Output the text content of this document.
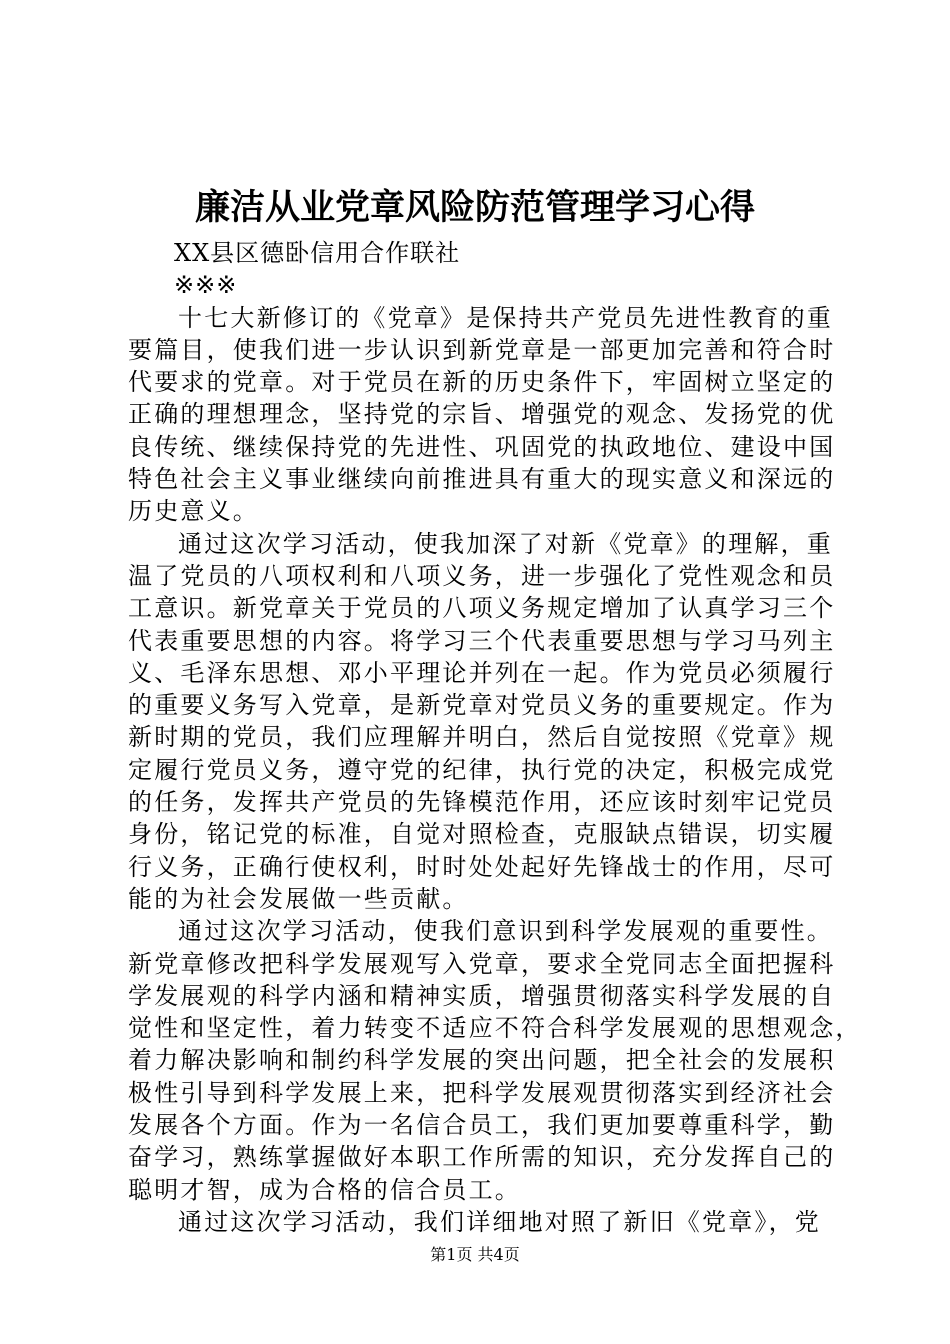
廉洁从业党章风险防范管理学习心得
XX县区德卧信用合作联社
※※※
十七大新修订的《党章》是保持共产党员先进性教育的重
要篇目，使我们进一步认识到新党章是一部更加完善和符合时
代要求的党章。对于党员在新的历史条件下，牢固树立坚定的
正确的理想理念，坚持党的宗旨、增强党的观念、发扬党的优
良传统、继续保持党的先进性、巩固党的执政地位、建设中国
特色社会主义事业继续向前推进具有重大的现实意义和深远的
历史意义。
通过这次学习活动，使我加深了对新《党章》的理解，重
温了党员的八项权利和八项义务，进一步强化了党性观念和员
工意识。新党章关于党员的八项义务规定增加了认真学习三个
代表重要思想的内容。将学习三个代表重要思想与学习马列主
义、毛泽东思想、邓小平理论并列在一起。作为党员必须履行
的重要义务写入党章，是新党章对党员义务的重要规定。作为
新时期的党员，我们应理解并明白，然后自觉按照《党章》规
定履行党员义务，遵守党的纪律，执行党的决定，积极完成党
的任务，发挥共产党员的先锋模范作用，还应该时刻牢记党员
身份，铭记党的标准，自觉对照检查，克服缺点错误，切实履
行义务，正确行使权利，时时处处起好先锋战士的作用，尽可
能的为社会发展做一些贡献。
通过这次学习活动，使我们意识到科学发展观的重要性。
新党章修改把科学发展观写入党章，要求全党同志全面把握科
学发展观的科学内涵和精神实质，增强贯彻落实科学发展的自
觉性和坚定性，着力转变不适应不符合科学发展观的思想观念，
着力解决影响和制约科学发展的突出问题，把全社会的发展积
极性引导到科学发展上来，把科学发展观贯彻落实到经济社会
发展各个方面。作为一名信合员工，我们更加要尊重科学，勤
奋学习，熟练掌握做好本职工作所需的知识，充分发挥自己的
聪明才智，成为合格的信合员工。
通过这次学习活动，我们详细地对照了新旧《党章》，党
第1页 共4页
